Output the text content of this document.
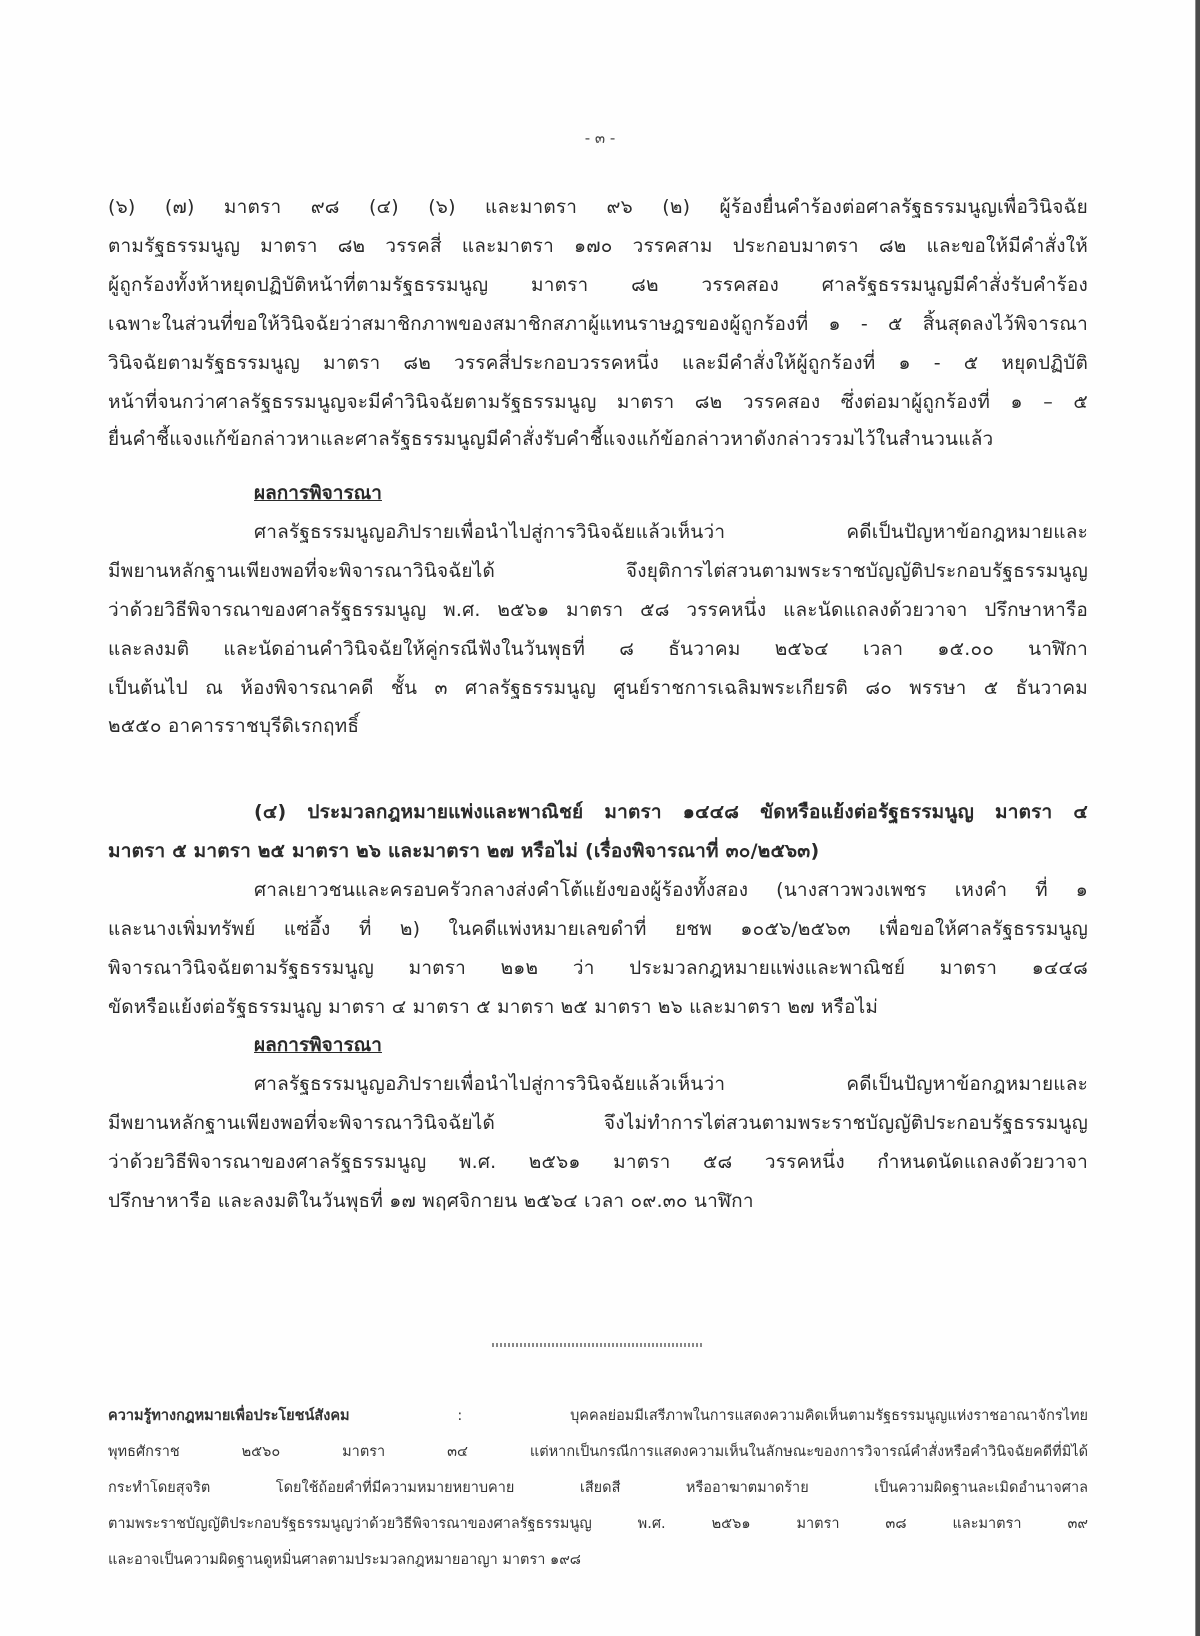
- ๓ -
(๖) (๗) มาตรา ๙๘ (๔) (๖) และมาตรา ๙๖ (๒) ผู้ร้องยื่นคำร้องต่อศาลรัฐธรรมนูญเพื่อวินิจฉัย
ตามรัฐธรรมนูญ มาตรา ๘๒ วรรคสี่ และมาตรา ๑๗๐ วรรคสาม ประกอบมาตรา ๘๒ และขอให้มีคำสั่งให้
ผู้ถูกร้องทั้งห้าหยุดปฏิบัติหน้าที่ตามรัฐธรรมนูญ มาตรา ๘๒ วรรคสอง ศาลรัฐธรรมนูญมีคำสั่งรับคำร้อง
เฉพาะในส่วนที่ขอให้วินิจฉัยว่าสมาชิกภาพของสมาชิกสภาผู้แทนราษฎรของผู้ถูกร้องที่ ๑ - ๕ สิ้นสุดลงไว้พิจารณา
วินิจฉัยตามรัฐธรรมนูญ มาตรา ๘๒ วรรคสี่ประกอบวรรคหนึ่ง และมีคำสั่งให้ผู้ถูกร้องที่ ๑ - ๕ หยุดปฏิบัติ
หน้าที่จนกว่าศาลรัฐธรรมนูญจะมีคำวินิจฉัยตามรัฐธรรมนูญ มาตรา ๘๒ วรรคสอง ซึ่งต่อมาผู้ถูกร้องที่ ๑ – ๕
ยื่นคำชี้แจงแก้ข้อกล่าวหาและศาลรัฐธรรมนูญมีคำสั่งรับคำชี้แจงแก้ข้อกล่าวหาดังกล่าวรวมไว้ในสำนวนแล้ว
ผลการพิจารณา
ศาลรัฐธรรมนูญอภิปรายเพื่อนำไปสู่การวินิจฉัยแล้วเห็นว่า คดีเป็นปัญหาข้อกฎหมายและ
มีพยานหลักฐานเพียงพอที่จะพิจารณาวินิจฉัยได้ จึงยุติการไต่สวนตามพระราชบัญญัติประกอบรัฐธรรมนูญ
ว่าด้วยวิธีพิจารณาของศาลรัฐธรรมนูญ พ.ศ. ๒๕๖๑ มาตรา ๕๘ วรรคหนึ่ง และนัดแถลงด้วยวาจา ปรึกษาหารือ
และลงมติ และนัดอ่านคำวินิจฉัยให้คู่กรณีฟังในวันพุธที่ ๘ ธันวาคม ๒๕๖๔ เวลา ๑๕.๐๐ นาฬิกา
เป็นต้นไป ณ ห้องพิจารณาคดี ชั้น ๓ ศาลรัฐธรรมนูญ ศูนย์ราชการเฉลิมพระเกียรติ ๘๐ พรรษา ๕ ธันวาคม
๒๕๕๐ อาคารราชบุรีดิเรกฤทธิ์
(๔) ประมวลกฎหมายแพ่งและพาณิชย์ มาตรา ๑๔๔๘ ขัดหรือแย้งต่อรัฐธรรมนูญ มาตรา ๔
มาตรา ๕ มาตรา ๒๕ มาตรา ๒๖ และมาตรา ๒๗ หรือไม่ (เรื่องพิจารณาที่ ๓๐/๒๕๖๓)
ศาลเยาวชนและครอบครัวกลางส่งคำโต้แย้งของผู้ร้องทั้งสอง (นางสาวพวงเพชร เหงคำ ที่ ๑
และนางเพิ่มทรัพย์ แซ่อึ้ง ที่ ๒) ในคดีแพ่งหมายเลขดำที่ ยชพ ๑๐๕๖/๒๕๖๓ เพื่อขอให้ศาลรัฐธรรมนูญ
พิจารณาวินิจฉัยตามรัฐธรรมนูญ มาตรา ๒๑๒ ว่า ประมวลกฎหมายแพ่งและพาณิชย์ มาตรา ๑๔๔๘
ขัดหรือแย้งต่อรัฐธรรมนูญ มาตรา ๔ มาตรา ๕ มาตรา ๒๕ มาตรา ๒๖ และมาตรา ๒๗ หรือไม่
ผลการพิจารณา
ศาลรัฐธรรมนูญอภิปรายเพื่อนำไปสู่การวินิจฉัยแล้วเห็นว่า คดีเป็นปัญหาข้อกฎหมายและ
มีพยานหลักฐานเพียงพอที่จะพิจารณาวินิจฉัยได้ จึงไม่ทำการไต่สวนตามพระราชบัญญัติประกอบรัฐธรรมนูญ
ว่าด้วยวิธีพิจารณาของศาลรัฐธรรมนูญ พ.ศ. ๒๕๖๑ มาตรา ๕๘ วรรคหนึ่ง กำหนดนัดแถลงด้วยวาจา
ปรึกษาหารือ และลงมติในวันพุธที่ ๑๗ พฤศจิกายน ๒๕๖๔ เวลา ๐๙.๓๐ นาฬิกา
ความรู้ทางกฎหมายเพื่อประโยชน์สังคม	:	บุคคลย่อมมีเสรีภาพในการแสดงความคิดเห็นตามรัฐธรรมนูญแห่งราชอาณาจักรไทย
พุทธศักราช ๒๕๖๐ มาตรา ๓๔ แต่หากเป็นกรณีการแสดงความเห็นในลักษณะของการวิจารณ์คำสั่งหรือคำวินิจฉัยคดีที่มิได้
กระทำโดยสุจริต โดยใช้ถ้อยคำที่มีความหมายหยาบคาย เสียดสี หรืออาฆาตมาดร้าย เป็นความผิดฐานละเมิดอำนาจศาล
ตามพระราชบัญญัติประกอบรัฐธรรมนูญว่าด้วยวิธีพิจารณาของศาลรัฐธรรมนูญ พ.ศ. ๒๕๖๑ มาตรา ๓๘ และมาตรา ๓๙
และอาจเป็นความผิดฐานดูหมิ่นศาลตามประมวลกฎหมายอาญา มาตรา ๑๙๘
